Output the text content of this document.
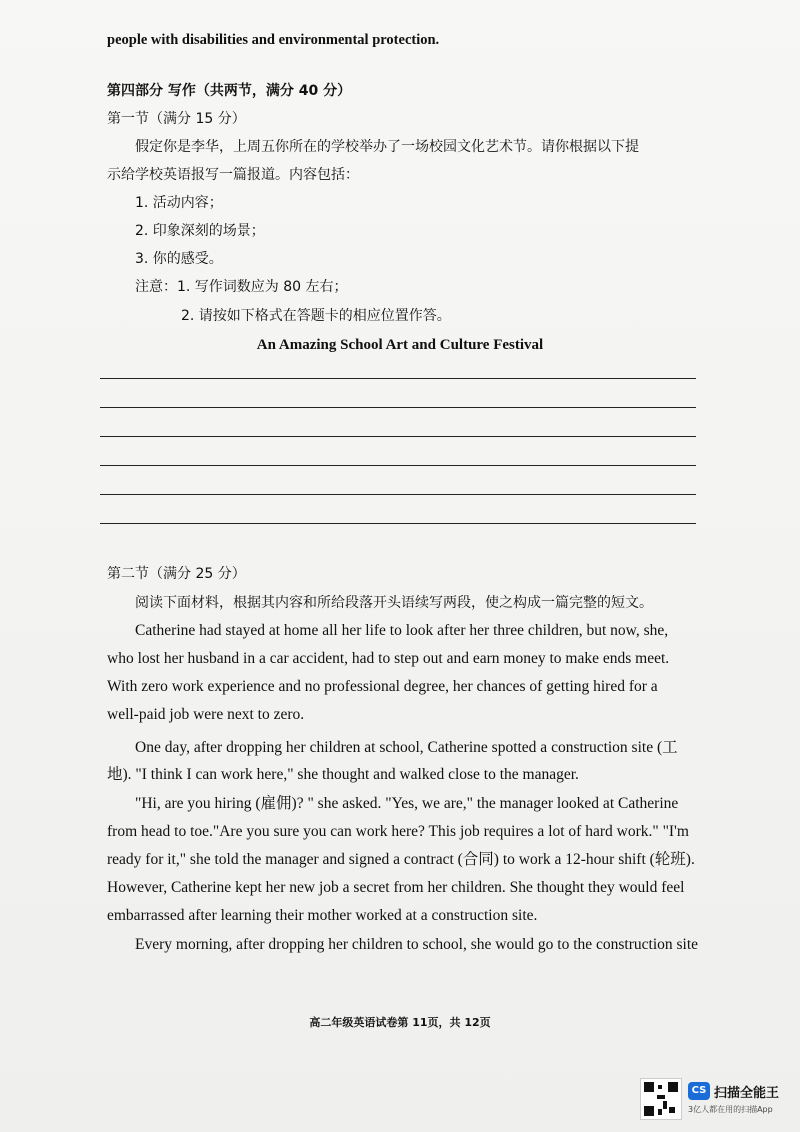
people with disabilities and environmental protection.
第四部分 写作（共两节，满分 40 分）
第一节（满分 15 分）
假定你是李华，上周五你所在的学校举办了一场校园文化艺术节。请你根据以下提
示给学校英语报写一篇报道。内容包括：
1. 活动内容；
2. 印象深刻的场景；
3. 你的感受。
注意：1. 写作词数应为 80 左右；
2. 请按如下格式在答题卡的相应位置作答。
An Amazing School Art and Culture Festival
第二节（满分 25 分）
阅读下面材料，根据其内容和所给段落开头语续写两段，使之构成一篇完整的短文。
Catherine had stayed at home all her life to look after her three children, but now, she,
who lost her husband in a car accident, had to step out and earn money to make ends meet.
With zero work experience and no professional degree, her chances of getting hired for a
well-paid job were next to zero.
One day, after dropping her children at school, Catherine spotted a construction site (工
地). "I think I can work here," she thought and walked close to the manager.
"Hi, are you hiring (雇佣)? " she asked. "Yes, we are," the manager looked at Catherine
from head to toe."Are you sure you can work here? This job requires a lot of hard work." "I'm
ready for it," she told the manager and signed a contract (合同) to work a 12-hour shift (轮班).
However, Catherine kept her new job a secret from her children. She thought they would feel
embarrassed after learning their mother worked at a construction site.
Every morning, after dropping her children to school, she would go to the construction site
高二年级英语试卷第 11页，共 12页
CS 扫描全能王
3亿人都在用的扫描App
